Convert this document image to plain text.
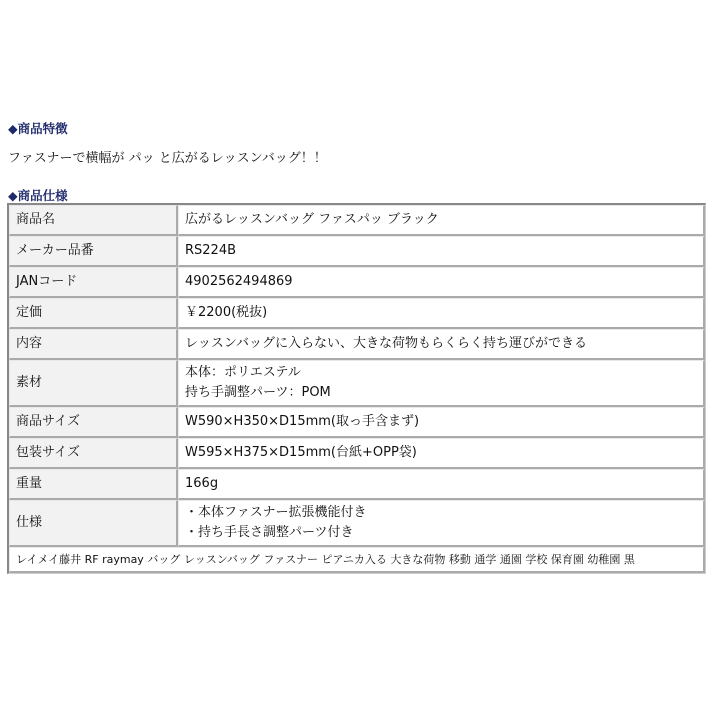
◆商品特徴
ファスナーで横幅が パッ と広がるレッスンバッグ！！
◆商品仕様
商品名	広がるレッスンバッグ ファスパッ ブラック
メーカー品番	RS224B
JANコード	4902562494869
定価	￥2200(税抜)
内容	レッスンバッグに入らない、大きな荷物もらくらく持ち運びができる
素材	本体：ポリエステル
持ち手調整パーツ：POM

商品サイズ	W590×H350×D15mm(取っ手含まず)
包装サイズ	W595×H375×D15mm(台紙+OPP袋)
重量	166g
仕様	・本体ファスナー拡張機能付き
・持ち手長さ調整パーツ付き

レイメイ藤井 RF raymay バッグ レッスンバッグ ファスナー ピアニカ入る 大きな荷物 移動 通学 通園 学校 保育園 幼稚園 黒	
